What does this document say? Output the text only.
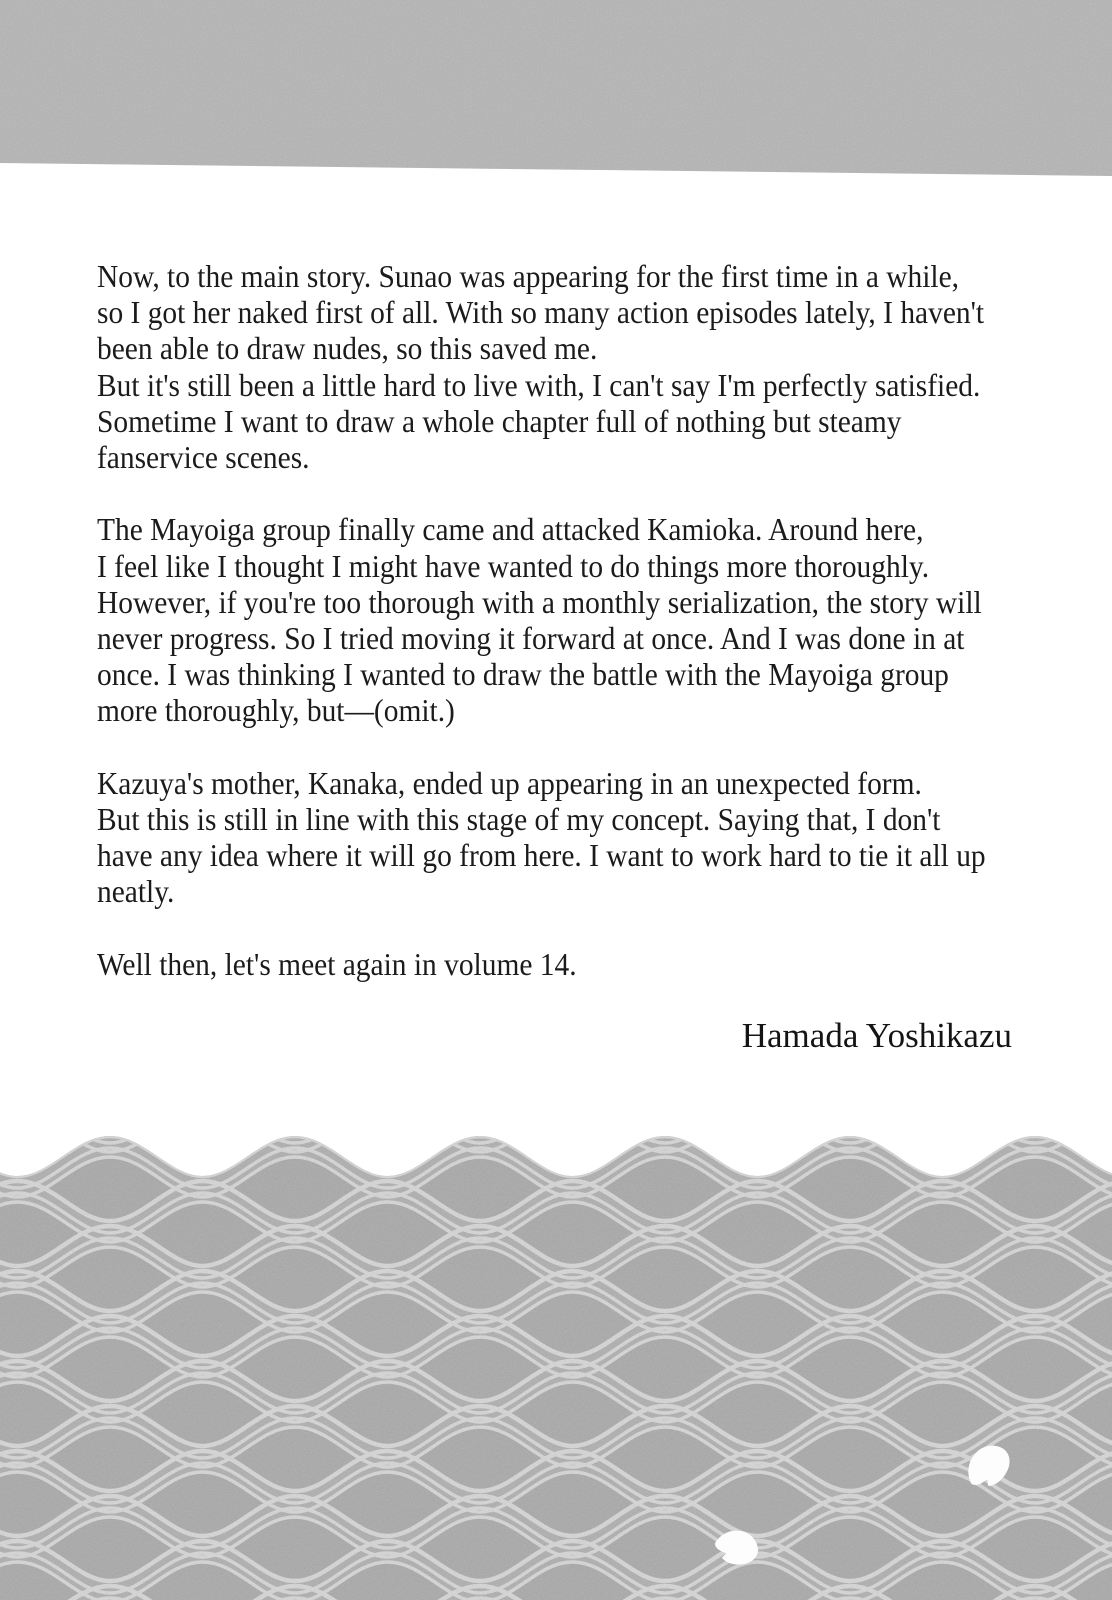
Now, to the main story. Sunao was appearing for the first time in a while,
so I got her naked first of all. With so many action episodes lately, I haven't
been able to draw nudes, so this saved me.
But it's still been a little hard to live with, I can't say I'm perfectly satisfied.
Sometime I want to draw a whole chapter full of nothing but steamy
fanservice scenes.

The Mayoiga group finally came and attacked Kamioka. Around here,
I feel like I thought I might have wanted to do things more thoroughly.
However, if you're too thorough with a monthly serialization, the story will
never progress. So I tried moving it forward at once. And I was done in at
once. I was thinking I wanted to draw the battle with the Mayoiga group
more thoroughly, but—(omit.)

Kazuya's mother, Kanaka, ended up appearing in an unexpected form.
But this is still in line with this stage of my concept. Saying that, I don't
have any idea where it will go from here. I want to work hard to tie it all up
neatly.

Well then, let's meet again in volume 14.

Hamada Yoshikazu
